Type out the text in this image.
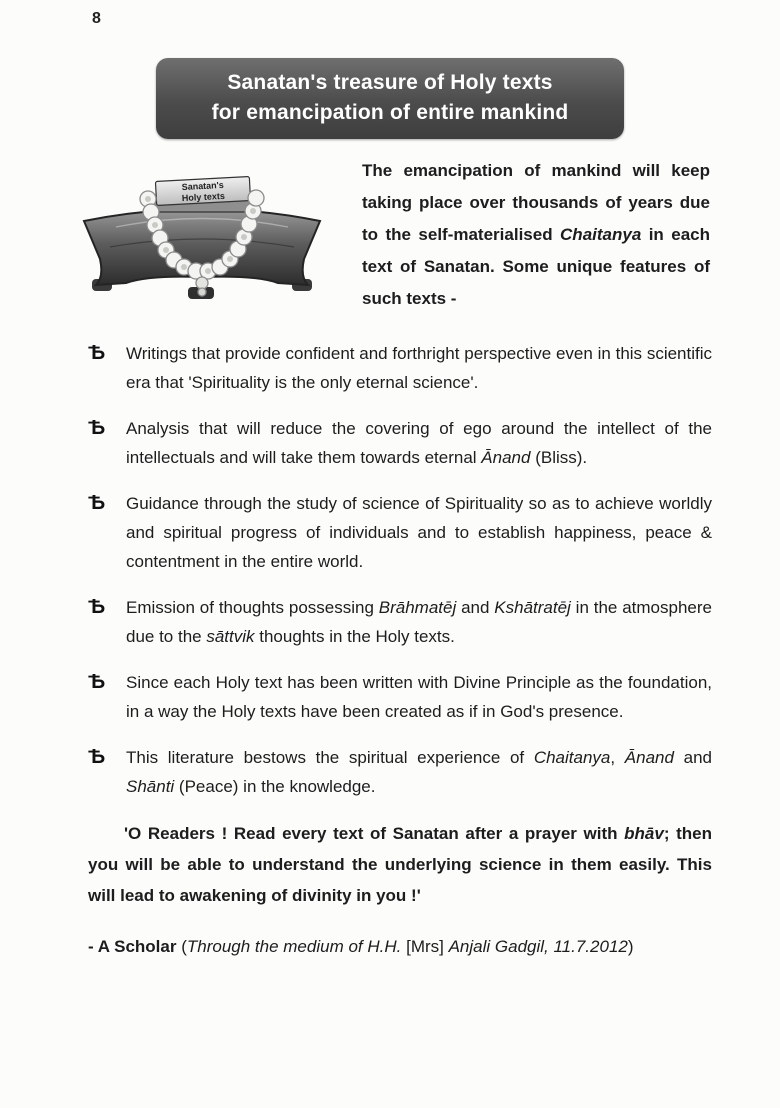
8
Sanatan's treasure of Holy texts
for emancipation of entire mankind
Sanatan's
Holy texts
The emancipation of mankind will keep taking place over thousands of years due to the self-materialised Chaitanya in each text of Sanatan. Some unique features of such texts -
Ѣ	Writings that provide confident and forthright perspective even in this scientific era that 'Spirituality is the only eternal science'.
Ѣ	Analysis that will reduce the covering of ego around the intellect of the intellectuals and will take them towards eternal Ānand (Bliss).
Ѣ	Guidance through the study of science of Spirituality so as to achieve worldly and spiritual progress of individuals and to establish happiness, peace & contentment in the entire world.
Ѣ	Emission of thoughts possessing Brāhmatēj and Kshātratēj in the atmosphere due to the sāttvik thoughts in the Holy texts.
Ѣ	Since each Holy text has been written with Divine Principle as the foundation, in a way the Holy texts have been created as if in God's presence.
Ѣ	This literature bestows the spiritual experience of Chaitanya, Ānand and Shānti (Peace) in the knowledge.
'O Readers ! Read every text of Sanatan after a prayer with bhāv; then you will be able to understand the underlying science in them easily. This will lead to awakening of divinity in you !'
- A Scholar (Through the medium of H.H. [Mrs] Anjali Gadgil, 11.7.2012)
